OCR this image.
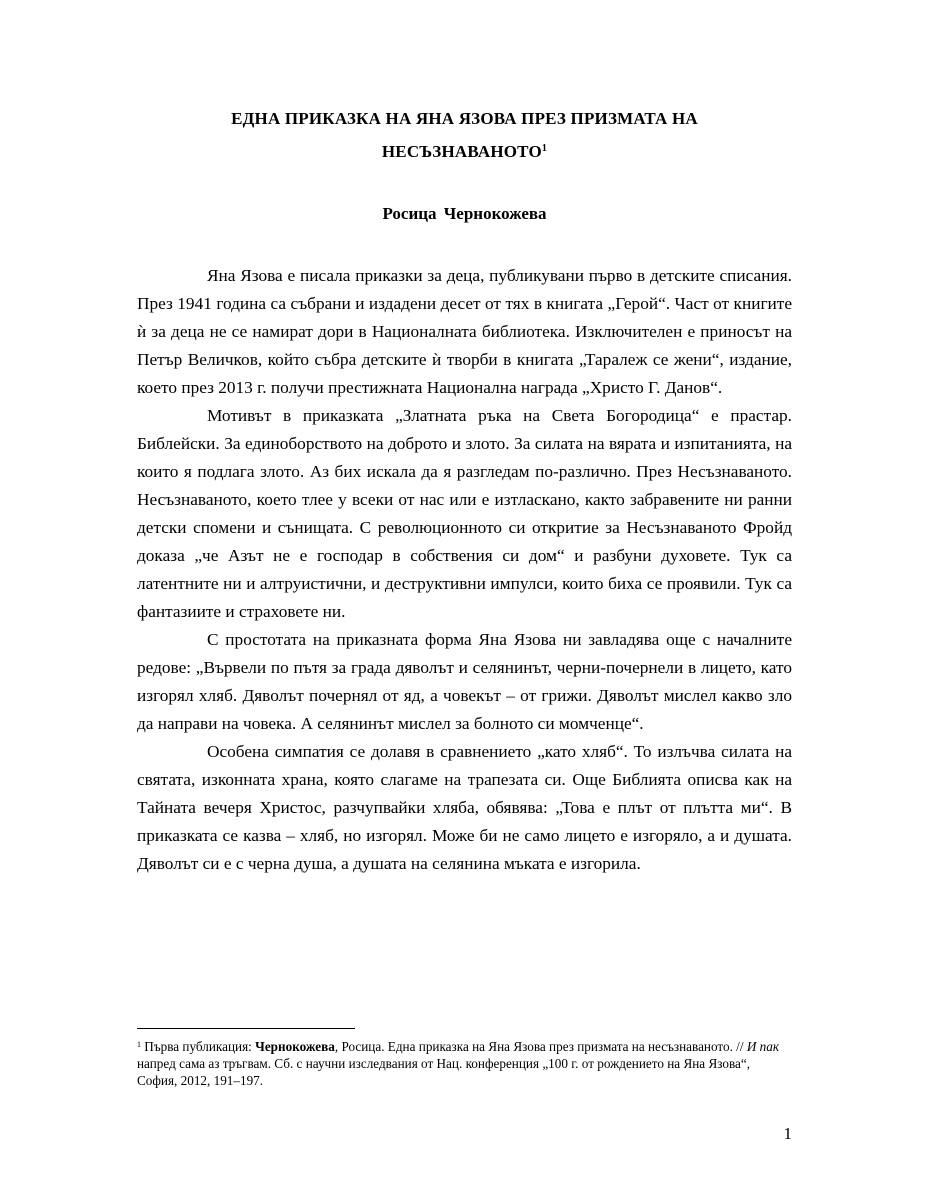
ЕДНА ПРИКАЗКА НА ЯНА ЯЗОВА ПРЕЗ ПРИЗМАТА НА
НЕСЪЗНАВАНОТО$^1$
Росица Чернокожева

Яна Язова е писала приказки за деца, публикувани първо в детските списания. През 1941 година са събрани и издадени десет от тях в книгата „Герой“. Част от книгите ѝ за деца не се намират дори в Националната библиотека. Изключителен е приносът на Петър Величков, който събра детските ѝ творби в книгата „Таралеж се жени“, издание, което през 2013 г. получи престижната Национална награда „Христо Г. Данов“.

Мотивът в приказката „Златната ръка на Света Богородица“ е прастар. Библейски. За единоборството на доброто и злото. За силата на вярата и изпитанията, на които я подлага злото. Аз бих искала да я разгледам по-различно. През Несъзнаваното. Несъзнаваното, което тлее у всеки от нас или е изтласкано, както забравените ни ранни детски спомени и сънищата. С революционното си откритие за Несъзнаваното Фройд доказа „че Азът не е господар в собствения си дом“ и разбуни духовете. Тук са латентните ни и алтруистични, и деструктивни импулси, които биха се проявили. Тук са фантазиите и страховете ни.

С простотата на приказната форма Яна Язова ни завладява още с началните редове: „Вървели по пътя за града дяволът и селянинът, черни-почернели в лицето, като изгорял хляб. Дяволът почернял от яд, а човекът – от грижи. Дяволът мислел какво зло да направи на човека. А селянинът мислел за болното си момченце“.

Особена симпатия се долавя в сравнението „като хляб“. То излъчва силата на святата, изконната храна, която слагаме на трапезата си. Още Библията описва как на Тайната вечеря Христос, разчупвайки хляба, обявява: „Това е плът от плътта ми“. В приказката се казва – хляб, но изгорял. Може би не само лицето е изгоряло, а и душата. Дяволът си е с черна душа, а душата на селянина мъката е изгорила.

$^1$ Първа публикация: Чернокожева, Росица. Една приказка на Яна Язова през призмата на несъзнаваното. // И пак напред сама аз тръгвам. Сб. с научни изследвания от Нац. конференция „100 г. от рождението на Яна Язова“, София, 2012, 191–197.
1
